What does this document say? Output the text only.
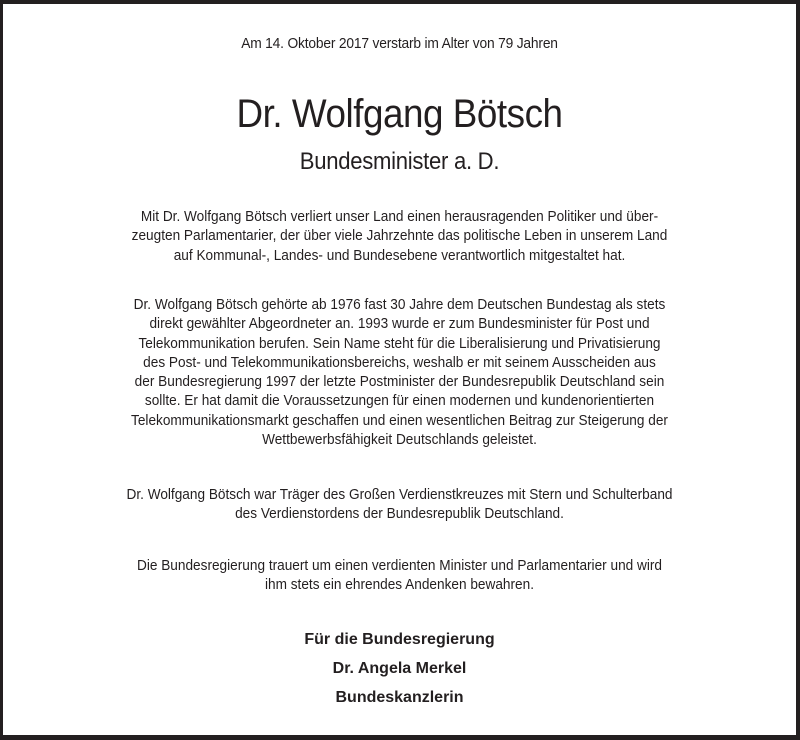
Am 14. Oktober 2017 verstarb im Alter von 79 Jahren
Dr. Wolfgang Bötsch
Bundesminister a. D.
Mit Dr. Wolfgang Bötsch verliert unser Land einen herausragenden Politiker und über-
zeugten Parlamentarier, der über viele Jahrzehnte das politische Leben in unserem Land
auf Kommunal-, Landes- und Bundesebene verantwortlich mitgestaltet hat.
Dr. Wolfgang Bötsch gehörte ab 1976 fast 30 Jahre dem Deutschen Bundestag als stets
direkt gewählter Abgeordneter an. 1993 wurde er zum Bundesminister für Post und
Telekommunikation berufen. Sein Name steht für die Liberalisierung und Privatisierung
des Post- und Telekommunikationsbereichs, weshalb er mit seinem Ausscheiden aus
der Bundesregierung 1997 der letzte Postminister der Bundesrepublik Deutschland sein
sollte. Er hat damit die Voraussetzungen für einen modernen und kundenorientierten
Telekommunikationsmarkt geschaffen und einen wesentlichen Beitrag zur Steigerung der
Wettbewerbsfähigkeit Deutschlands geleistet.
Dr. Wolfgang Bötsch war Träger des Großen Verdienstkreuzes mit Stern und Schulterband
des Verdienstordens der Bundesrepublik Deutschland.
Die Bundesregierung trauert um einen verdienten Minister und Parlamentarier und wird
ihm stets ein ehrendes Andenken bewahren.
Für die Bundesregierung
Dr. Angela Merkel
Bundeskanzlerin
